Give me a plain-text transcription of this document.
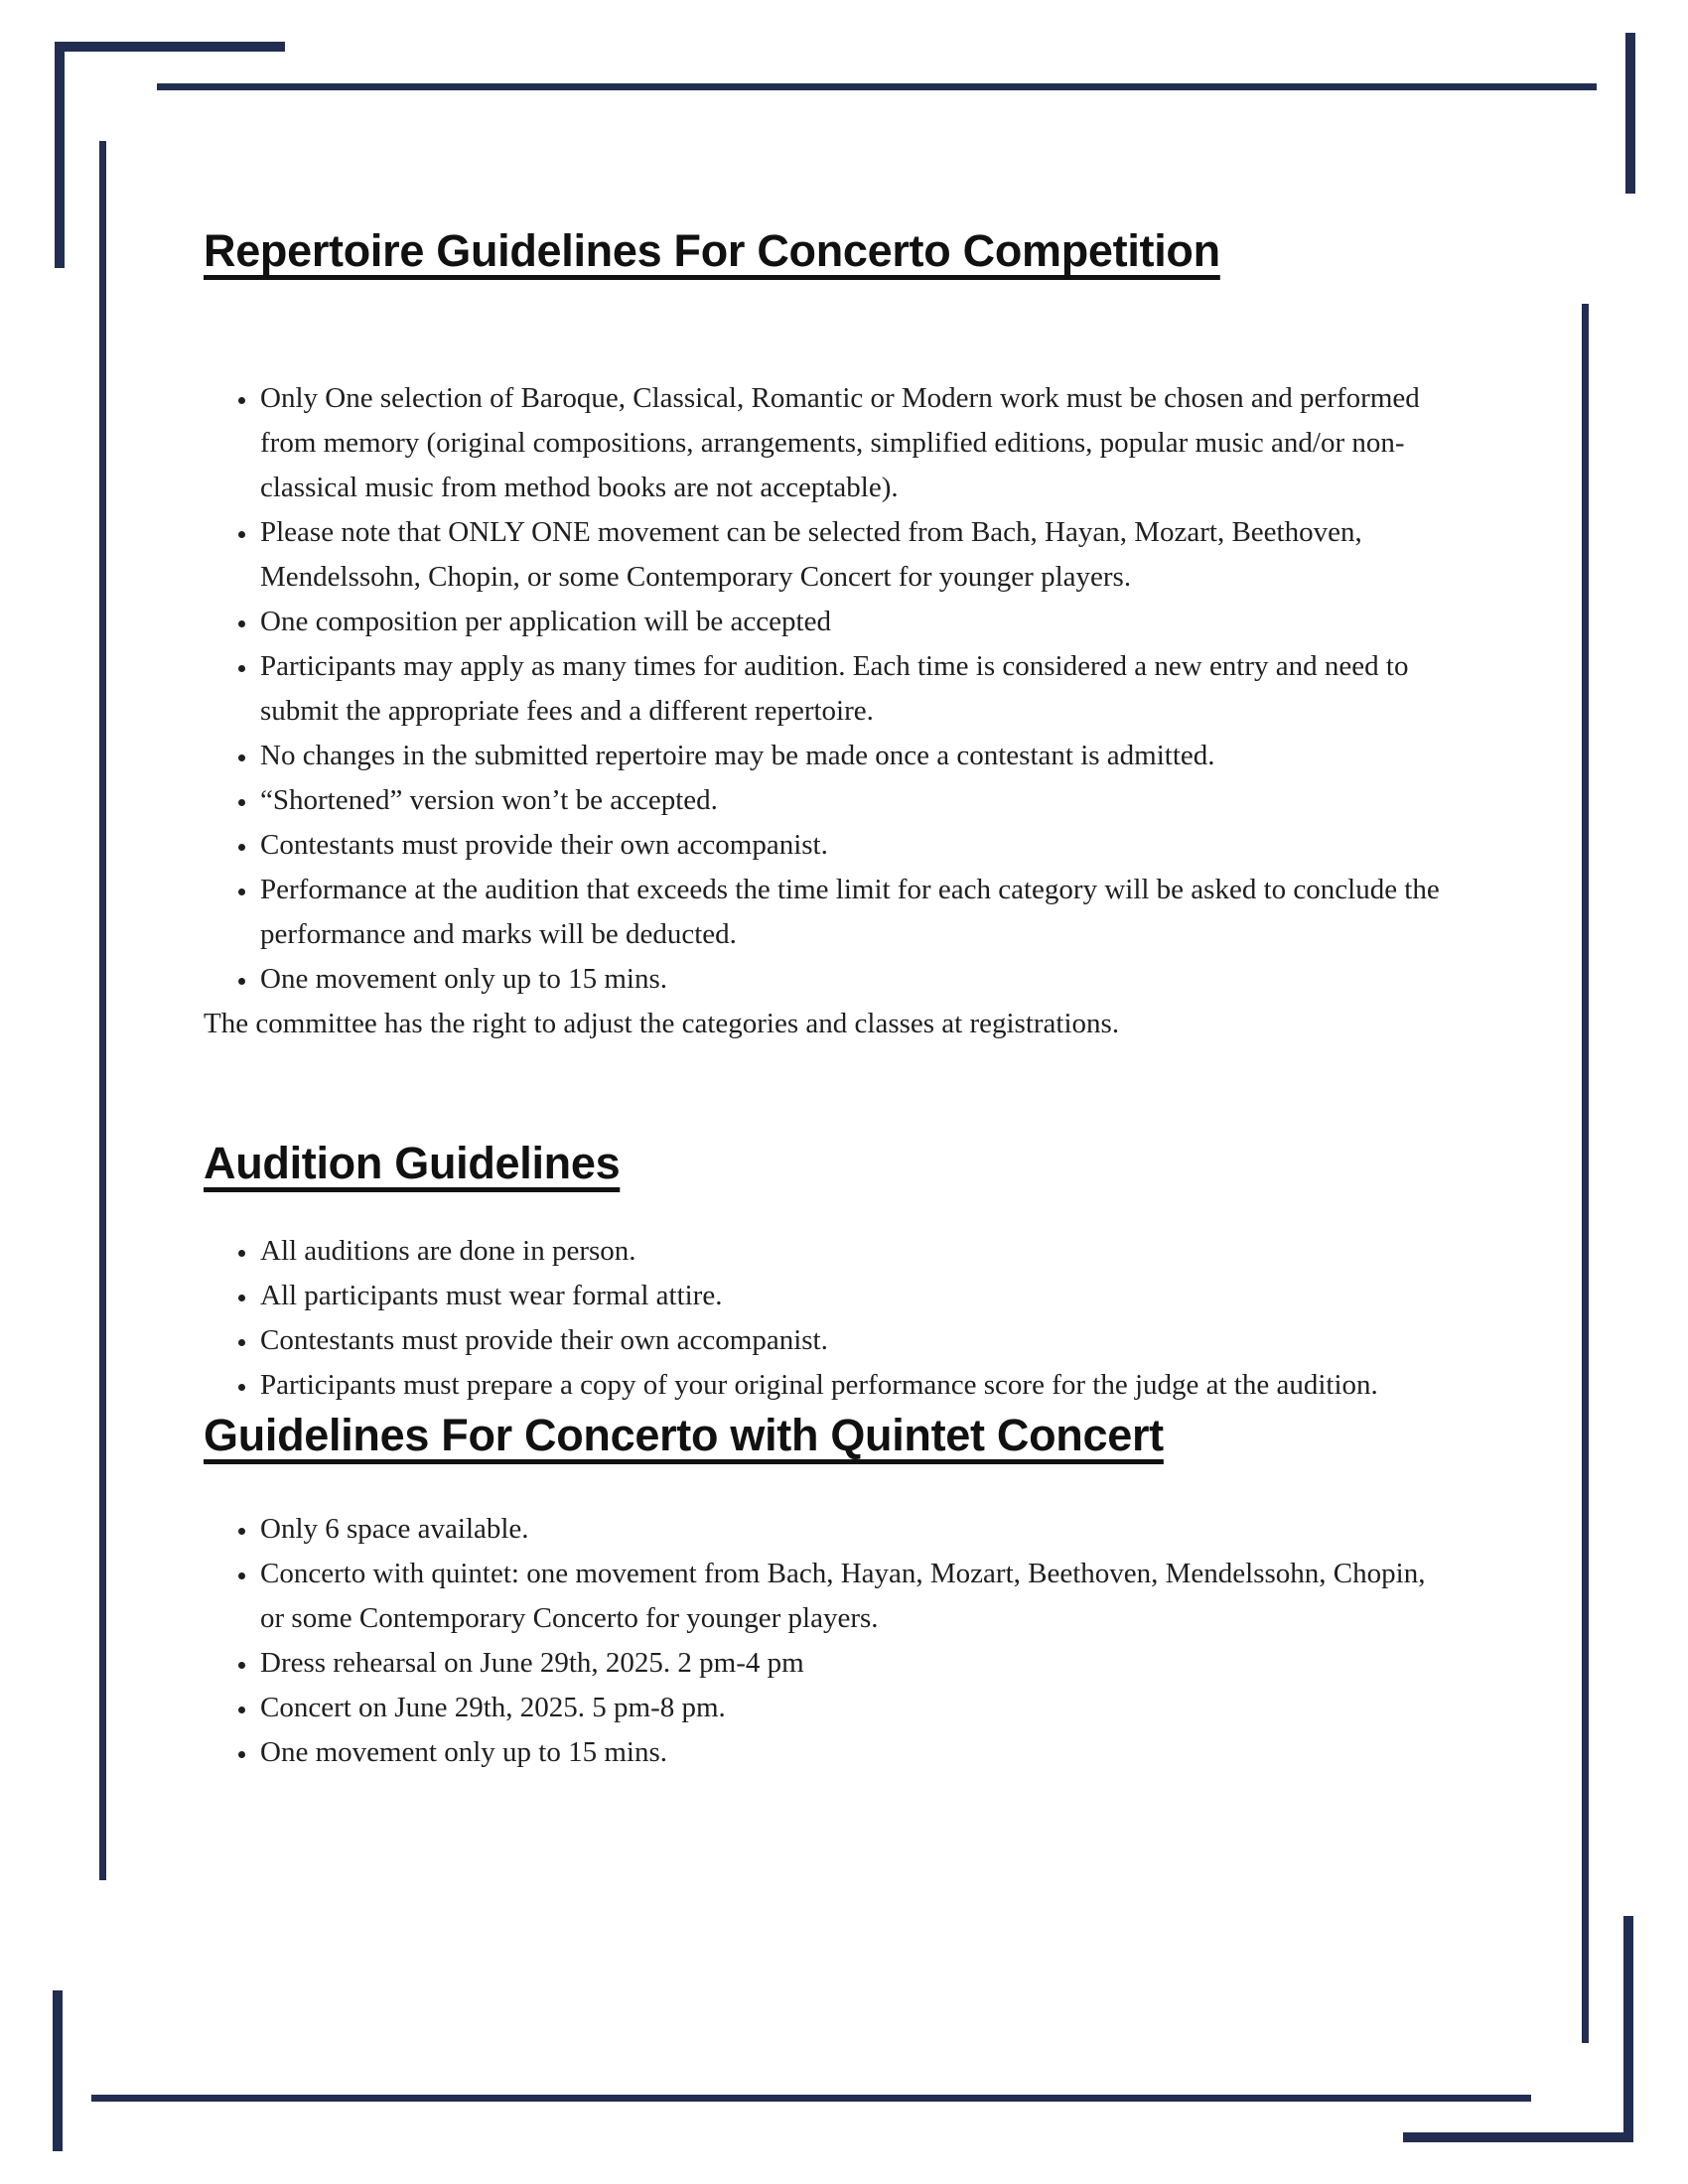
Repertoire Guidelines For Concerto Competition
• Only One selection of Baroque, Classical, Romantic or Modern work must be chosen and performed from memory (original compositions, arrangements, simplified editions, popular music and/or non-classical music from method books are not acceptable).
• Please note that ONLY ONE movement can be selected from Bach, Hayan, Mozart, Beethoven, Mendelssohn, Chopin, or some Contemporary Concert for younger players.
• One composition per application will be accepted
• Participants may apply as many times for audition. Each time is considered a new entry and need to submit the appropriate fees and a different repertoire.
• No changes in the submitted repertoire may be made once a contestant is admitted.
• “Shortened” version won’t be accepted.
• Contestants must provide their own accompanist.
• Performance at the audition that exceeds the time limit for each category will be asked to conclude the performance and marks will be deducted.
• One movement only up to 15 mins.

The committee has the right to adjust the categories and classes at registrations.

Audition Guidelines
• All auditions are done in person.
• All participants must wear formal attire.
• Contestants must provide their own accompanist.
• Participants must prepare a copy of your original performance score for the judge at the audition.
Guidelines For Concerto with Quintet Concert
• Only 6 space available.
• Concerto with quintet: one movement from Bach, Hayan, Mozart, Beethoven, Mendelssohn, Chopin, or some Contemporary Concerto for younger players.
• Dress rehearsal on June 29th, 2025. 2 pm-4 pm
• Concert on June 29th, 2025. 5 pm-8 pm.
• One movement only up to 15 mins.
